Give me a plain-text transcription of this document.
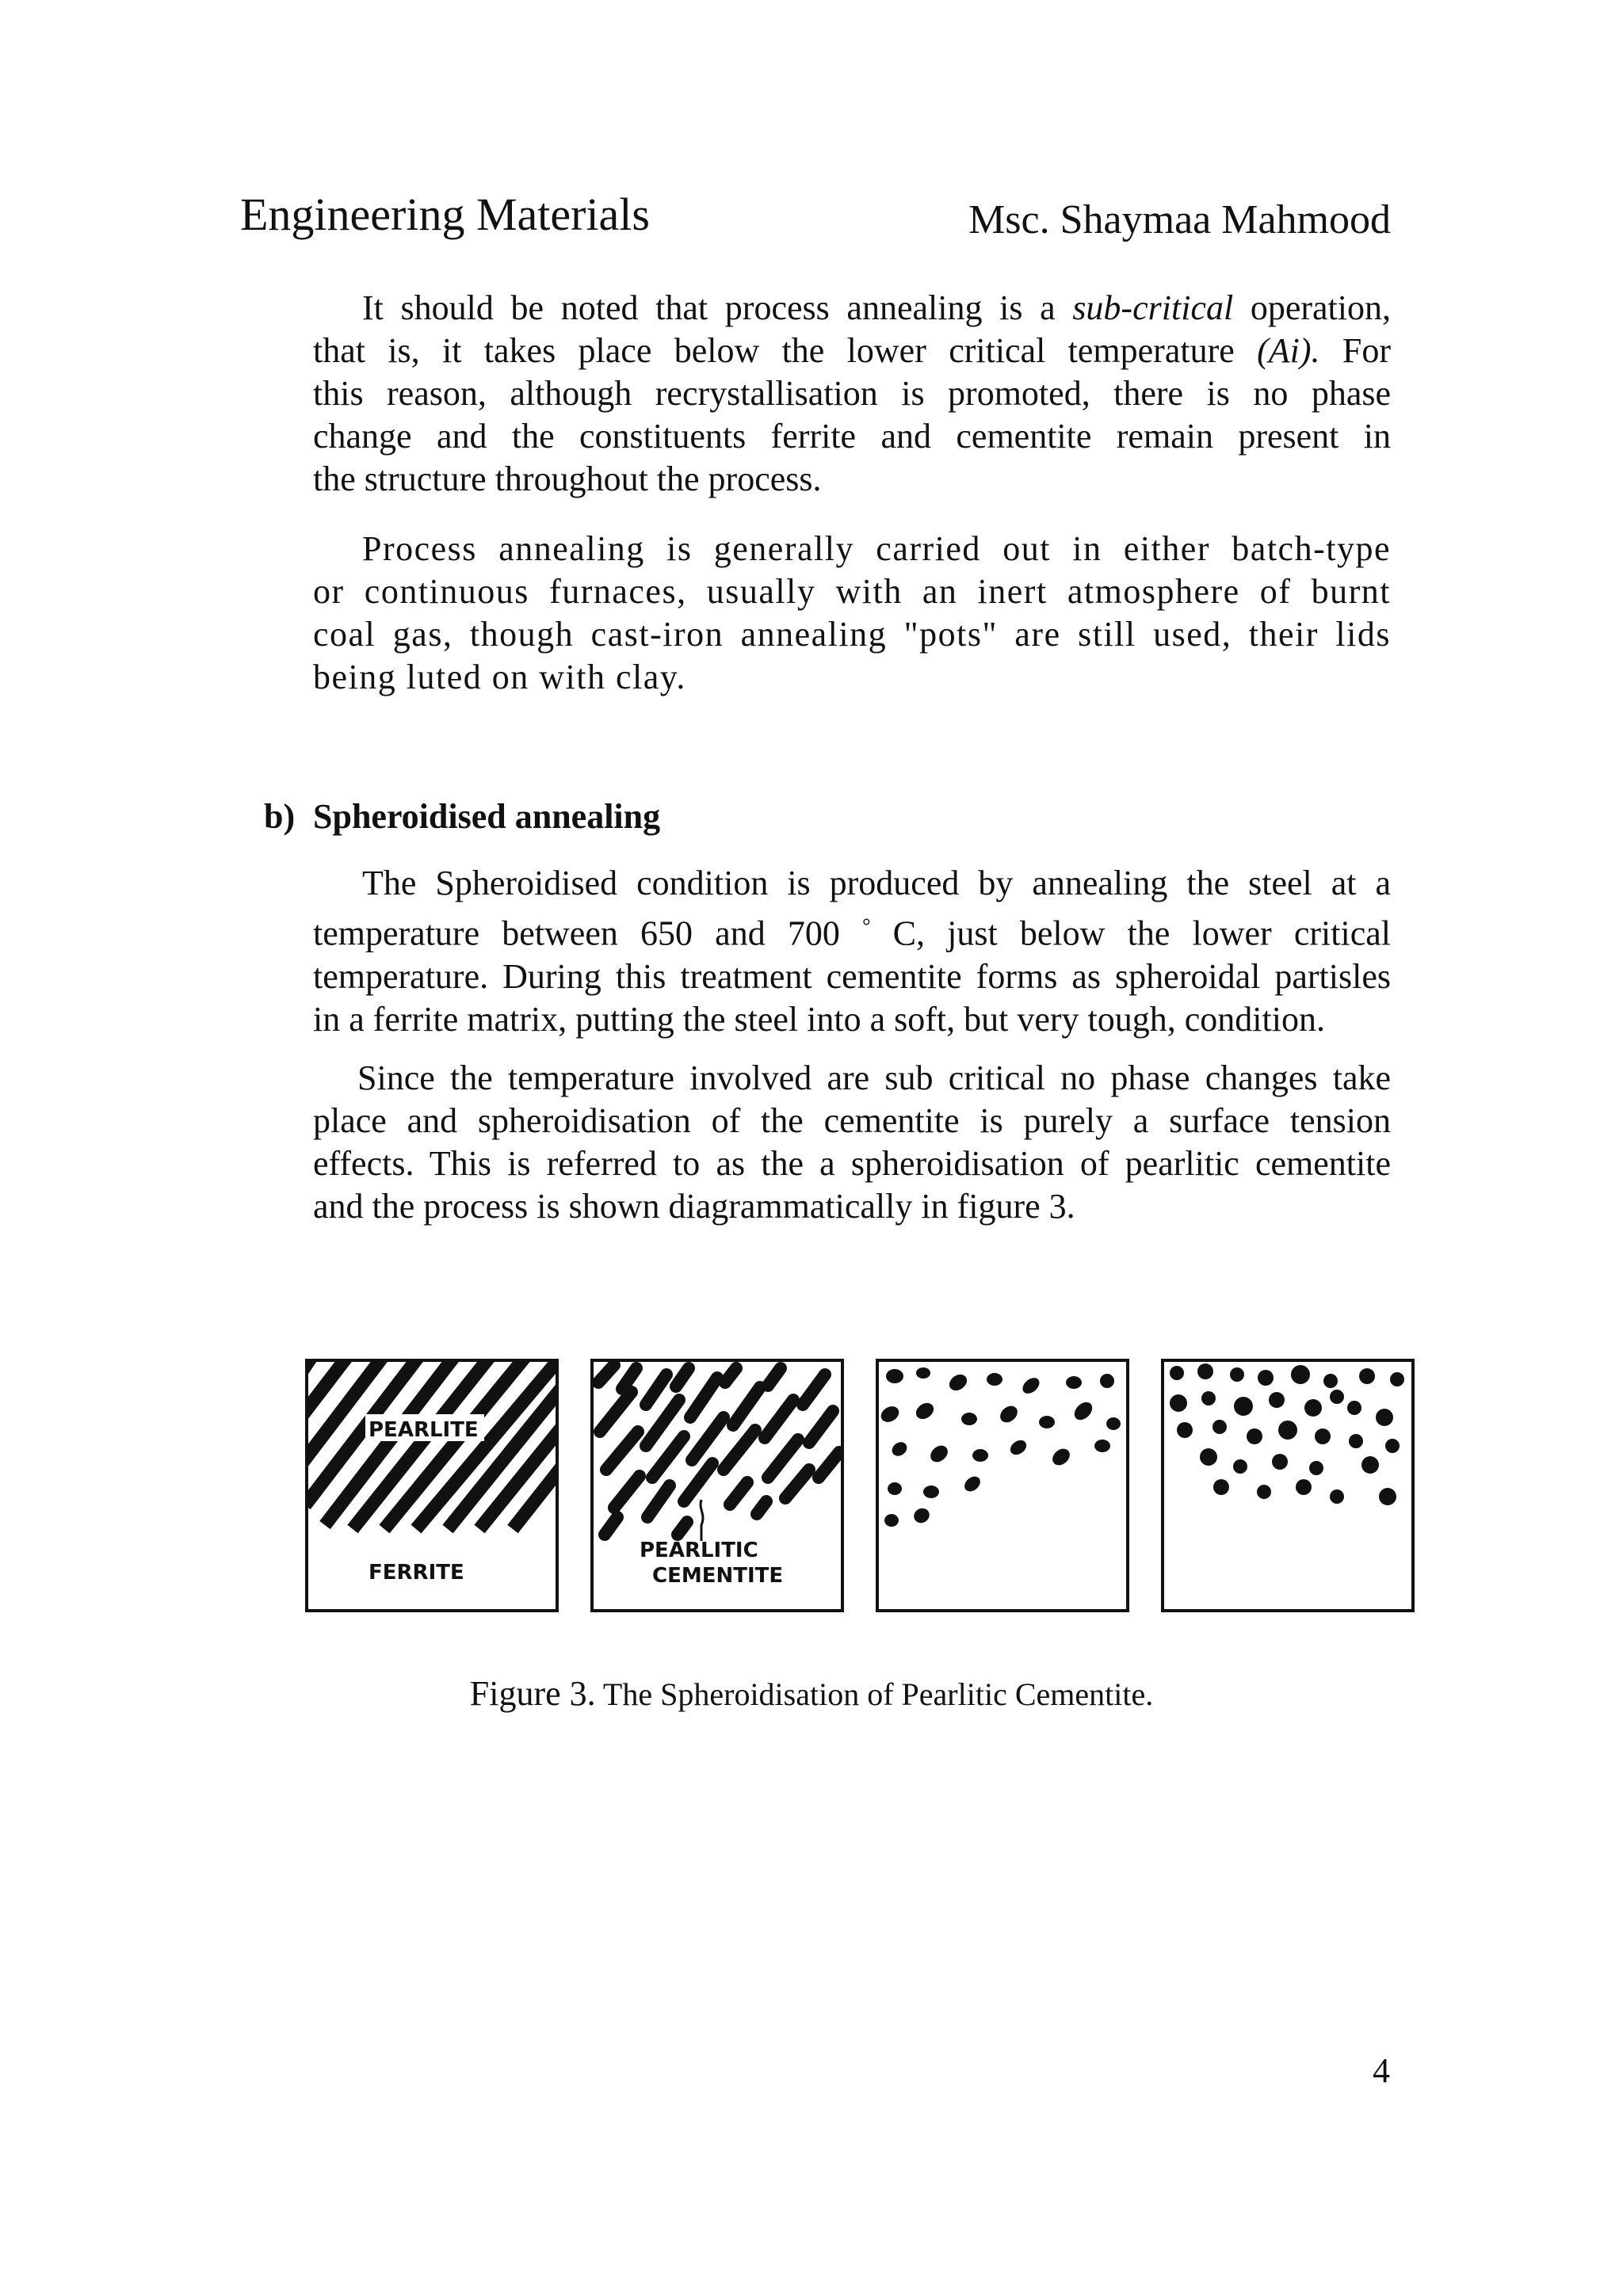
Engineering Materials	Msc. Shaymaa Mahmood

It should be noted that process annealing is a sub-critical operation,
that is, it takes place below the lower critical temperature (Ai). For
this reason, although recrystallisation is promoted, there is no phase
change and the constituents ferrite and cementite remain present in
the structure throughout the process.

Process annealing is generally carried out in either batch-type
or continuous furnaces, usually with an inert atmosphere of burnt
coal gas, though cast-iron annealing "pots" are still used, their lids
being luted on with clay.

b) Spheroidised annealing

The Spheroidised condition is produced by annealing the steel at a
temperature between 650 and 700 ° C, just below the lower critical
temperature. During this treatment cementite forms as spheroidal partisles
in a ferrite matrix, putting the steel into a soft, but very tough, condition.

Since the temperature involved are sub critical no phase changes take
place and spheroidisation of the cementite is purely a surface tension
effects. This is referred to as the a spheroidisation of pearlitic cementite
and the process is shown diagrammatically in figure 3.

PEARLITE
FERRITE
PEARLITIC
CEMENTITE
Figure 3. The Spheroidisation of Pearlitic Cementite.
4
